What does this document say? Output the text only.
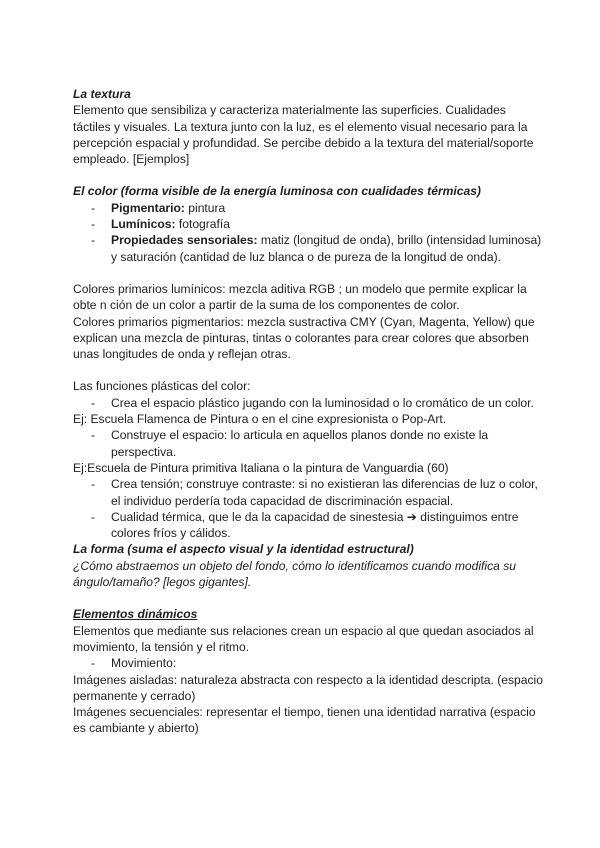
La textura

Elemento que sensibiliza y caracteriza materialmente las superficies. Cualidades táctiles y visuales. La textura junto con la luz, es el elemento visual necesario para la percepción espacial y profundidad. Se percibe debido a la textura del material/soporte empleado. [Ejemplos]

El color (forma visible de la energía luminosa con cualidades térmicas)

- Pigmentario: pintura
- Lumínicos: fotografía
- Propiedades sensoriales: matiz (longitud de onda), brillo (intensidad luminosa) y saturación (cantidad de luz blanca o de pureza de la longitud de onda).

Colores primarios lumínicos: mezcla aditiva RGB ; un modelo que permite explicar la obte n ción de un color a partir de la suma de los componentes de color.

Colores primarios pigmentarios: mezcla sustractiva CMY (Cyan, Magenta, Yellow) que explican una mezcla de pinturas, tintas o colorantes para crear colores que absorben unas longitudes de onda y reflejan otras.

Las funciones plásticas del color:

- Crea el espacio plástico jugando con la luminosidad o lo cromático de un color.

Ej: Escuela Flamenca de Pintura o en el cine expresionista o Pop-Art.

- Construye el espacio: lo articula en aquellos planos donde no existe la perspectiva.

Ej:Escuela de Pintura primitiva Italiana o la pintura de Vanguardia (60)

- Crea tensión; construye contraste: si no existieran las diferencias de luz o color, el individuo perdería toda capacidad de discriminación espacial.
- Cualidad térmica, que le da la capacidad de sinestesia ➔ distinguimos entre colores fríos y cálidos.

La forma (suma el aspecto visual y la identidad estructural)

¿Cómo abstraemos un objeto del fondo, cómo lo identificamos cuando modifica su ángulo/tamaño? [legos gigantes].

Elementos dinámicos

Elementos que mediante sus relaciones crean un espacio al que quedan asociados al movimiento, la tensión y el ritmo.

- Movimiento:

Imágenes aisladas: naturaleza abstracta con respecto a la identidad descripta. (espacio permanente y cerrado)

Imágenes secuenciales: representar el tiempo, tienen una identidad narrativa (espacio es cambiante y abierto)
